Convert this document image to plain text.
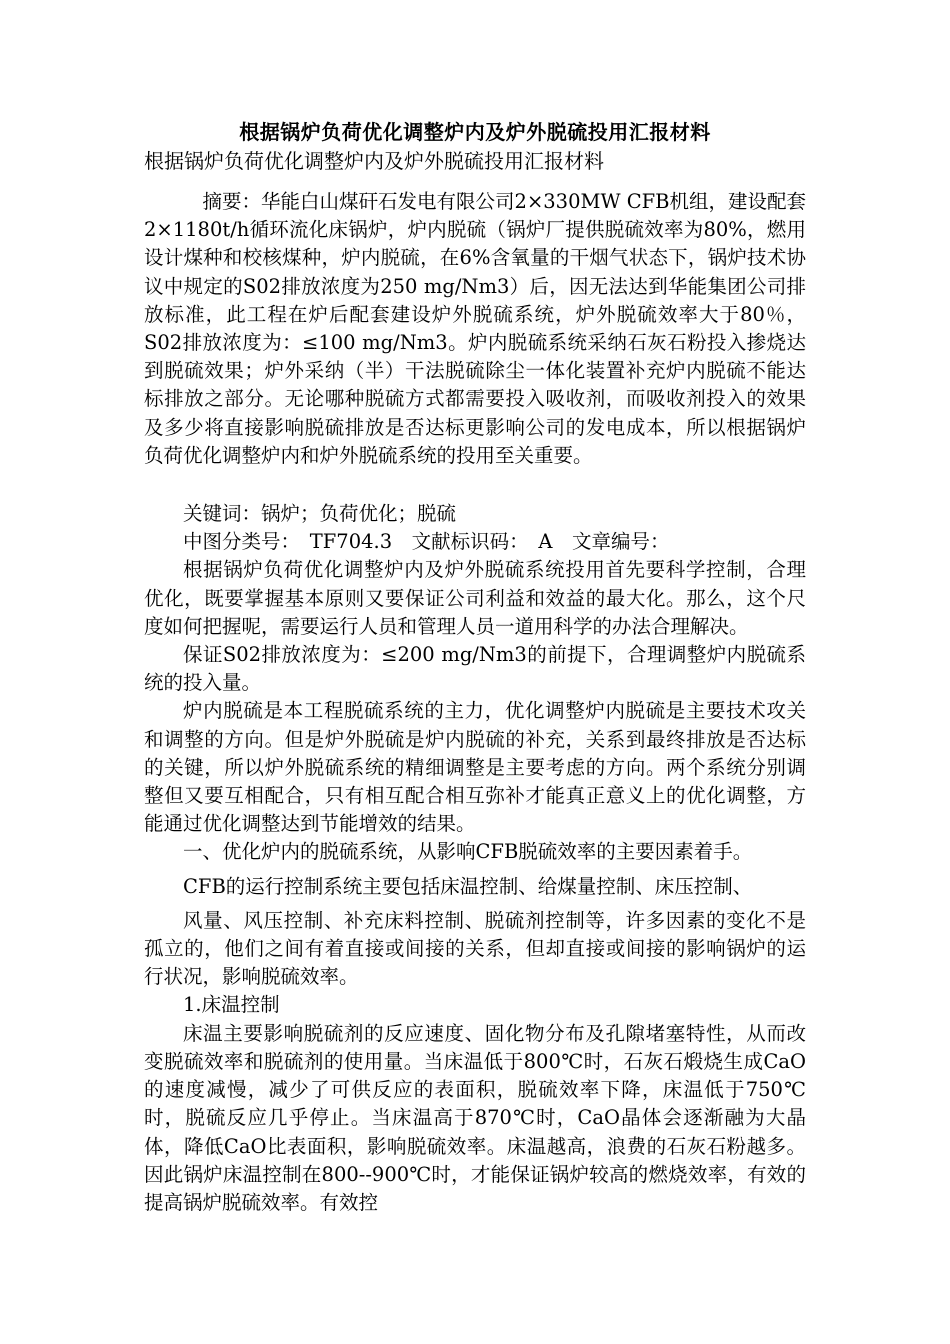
根据锅炉负荷优化调整炉内及炉外脱硫投用汇报材料
根据锅炉负荷优化调整炉内及炉外脱硫投用汇报材料

摘要：华能白山煤矸石发电有限公司2×330MW CFB机组，建设配套2×1180t/h循环流化床锅炉，炉内脱硫（锅炉厂提供脱硫效率为80%，燃用设计煤种和校核煤种，炉内脱硫，在6%含氧量的干烟气状态下，锅炉技术协议中规定的S02排放浓度为250 mg/Nm3）后，因无法达到华能集团公司排放标准，此工程在炉后配套建设炉外脱硫系统，炉外脱硫效率大于80％，S02排放浓度为：≤100 mg/Nm3。炉内脱硫系统采纳石灰石粉投入掺烧达到脱硫效果；炉外采纳（半）干法脱硫除尘一体化装置补充炉内脱硫不能达标排放之部分。无论哪种脱硫方式都需要投入吸收剂，而吸收剂投入的效果及多少将直接影响脱硫排放是否达标更影响公司的发电成本，所以根据锅炉负荷优化调整炉内和炉外脱硫系统的投用至关重要。

关键词：锅炉；负荷优化；脱硫

中图分类号：　TF704.3　文献标识码：　A　文章编号：

根据锅炉负荷优化调整炉内及炉外脱硫系统投用首先要科学控制，合理优化，既要掌握基本原则又要保证公司利益和效益的最大化。那么，这个尺度如何把握呢，需要运行人员和管理人员一道用科学的办法合理解决。

保证S02排放浓度为：≤200 mg/Nm3的前提下，合理调整炉内脱硫系统的投入量。

炉内脱硫是本工程脱硫系统的主力，优化调整炉内脱硫是主要技术攻关和调整的方向。但是炉外脱硫是炉内脱硫的补充，关系到最终排放是否达标的关键，所以炉外脱硫系统的精细调整是主要考虑的方向。两个系统分别调整但又要互相配合，只有相互配合相互弥补才能真正意义上的优化调整，方能通过优化调整达到节能增效的结果。

一、优化炉内的脱硫系统，从影响CFB脱硫效率的主要因素着手。

CFB的运行控制系统主要包括床温控制、给煤量控制、床压控制、

风量、风压控制、补充床料控制、脱硫剂控制等，许多因素的变化不是孤立的，他们之间有着直接或间接的关系，但却直接或间接的影响锅炉的运行状况，影响脱硫效率。

1.床温控制

床温主要影响脱硫剂的反应速度、固化物分布及孔隙堵塞特性，从而改变脱硫效率和脱硫剂的使用量。当床温低于800℃时，石灰石煅烧生成CaO的速度减慢，减少了可供反应的表面积，脱硫效率下降，床温低于750℃时，脱硫反应几乎停止。当床温高于870℃时，CaO晶体会逐渐融为大晶体，降低CaO比表面积，影响脱硫效率。床温越高，浪费的石灰石粉越多。因此锅炉床温控制在800--900℃时，才能保证锅炉较高的燃烧效率，有效的提高锅炉脱硫效率。有效控
